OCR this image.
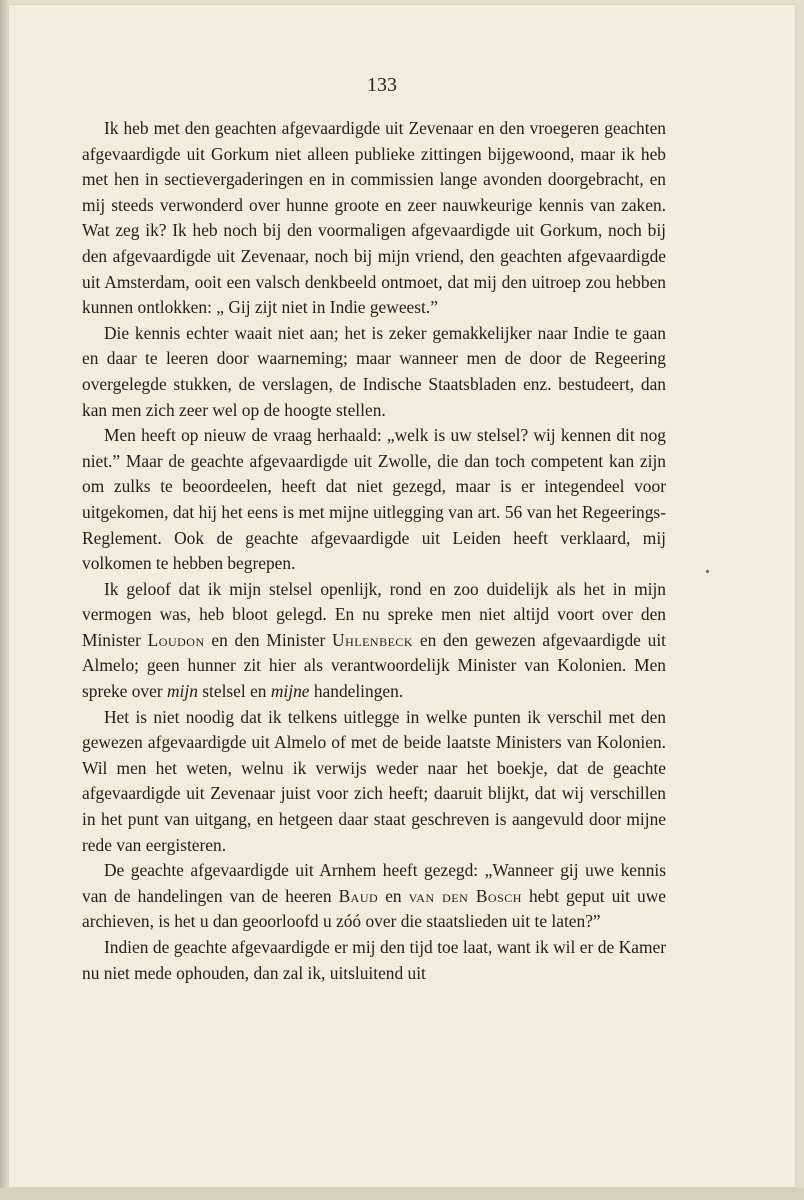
133

Ik heb met den geachten afgevaardigde uit Zevenaar en den vroegeren geachten afgevaardigde uit Gorkum niet alleen publieke zittingen bijgewoond, maar ik heb met hen in sectievergaderingen en in commissien lange avonden doorgebracht, en mij steeds verwonderd over hunne groote en zeer nauwkeurige kennis van zaken. Wat zeg ik? Ik heb noch bij den voormaligen afgevaardigde uit Gorkum, noch bij den afgevaardigde uit Zevenaar, noch bij mijn vriend, den geachten afgevaardigde uit Amsterdam, ooit een valsch denkbeeld ontmoet, dat mij den uitroep zou hebben kunnen ontlokken: „ Gij zijt niet in Indie geweest.”

Die kennis echter waait niet aan; het is zeker gemakkelijker naar Indie te gaan en daar te leeren door waarneming; maar wanneer men de door de Regeering overgelegde stukken, de verslagen, de Indische Staatsbladen enz. bestudeert, dan kan men zich zeer wel op de hoogte stellen.

Men heeft op nieuw de vraag herhaald: „welk is uw stelsel? wij kennen dit nog niet.” Maar de geachte afgevaardigde uit Zwolle, die dan toch competent kan zijn om zulks te beoordeelen, heeft dat niet gezegd, maar is er integendeel voor uitgekomen, dat hij het eens is met mijne uitlegging van art. 56 van het Regeerings-Reglement. Ook de geachte afgevaardigde uit Leiden heeft verklaard, mij volkomen te hebben begrepen.

Ik geloof dat ik mijn stelsel openlijk, rond en zoo duidelijk als het in mijn vermogen was, heb bloot gelegd. En nu spreke men niet altijd voort over den Minister Loudon en den Minister Uhlenbeck en den gewezen afgevaardigde uit Almelo; geen hunner zit hier als verantwoordelijk Minister van Kolonien. Men spreke over mijn stelsel en mijne handelingen.

Het is niet noodig dat ik telkens uitlegge in welke punten ik verschil met den gewezen afgevaardigde uit Almelo of met de beide laatste Ministers van Kolonien. Wil men het weten, welnu ik verwijs weder naar het boekje, dat de geachte afgevaardigde uit Zevenaar juist voor zich heeft; daaruit blijkt, dat wij verschillen in het punt van uitgang, en hetgeen daar staat geschreven is aangevuld door mijne rede van eergisteren.

De geachte afgevaardigde uit Arnhem heeft gezegd: „Wanneer gij uwe kennis van de handelingen van de heeren Baud en van den Bosch hebt geput uit uwe archieven, is het u dan geoorloofd u zóó over die staatslieden uit te laten?”

Indien de geachte afgevaardigde er mij den tijd toe laat, want ik wil er de Kamer nu niet mede ophouden, dan zal ik, uitsluitend uit
